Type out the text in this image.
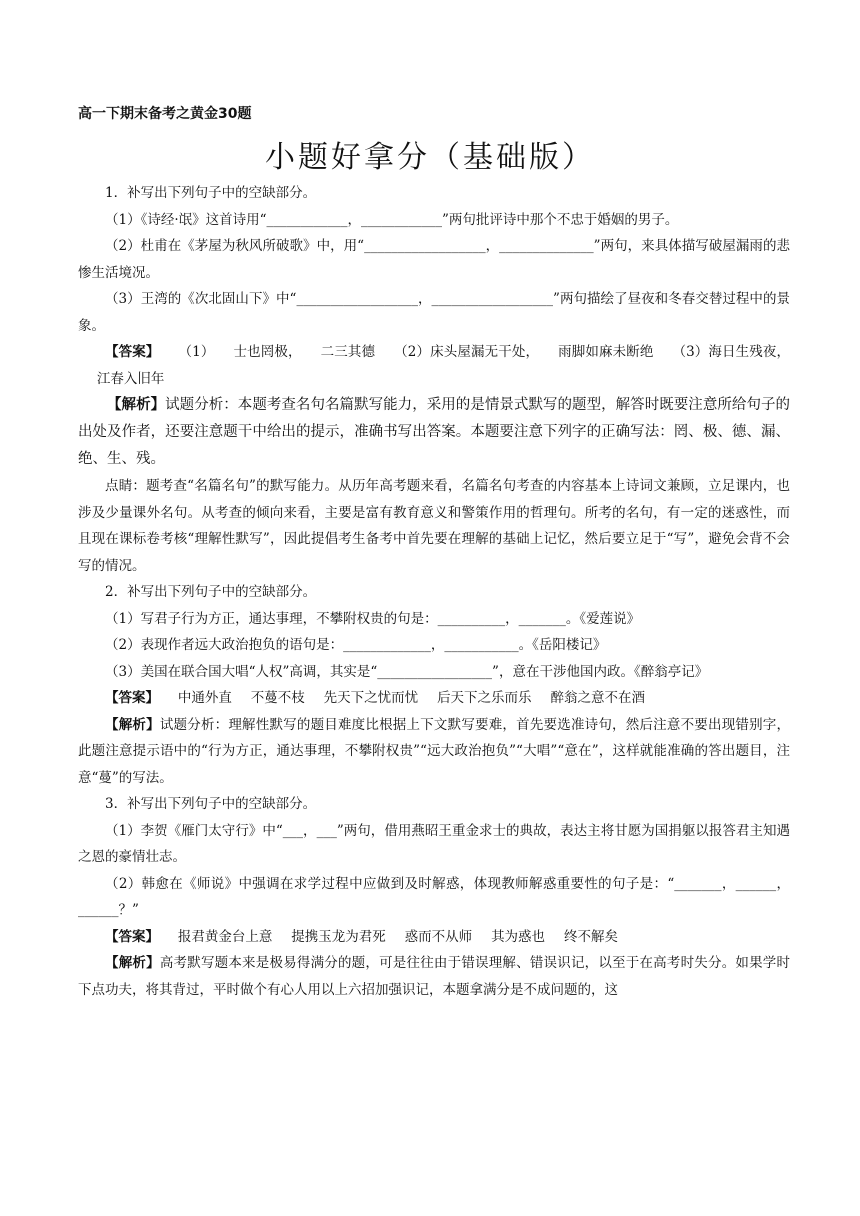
高一下期末备考之黄金30题
小题好拿分（基础版）

1．补写出下列句子中的空缺部分。

（1）《诗经·氓》这首诗用“____________，____________”两句批评诗中那个不忠于婚姻的男子。

（2）杜甫在《茅屋为秋风所破歌》中，用“__________________，______________”两句，来具体描写破屋漏雨的悲惨生活境况。

（3）王湾的《次北固山下》中“__________________，__________________”两句描绘了昼夜和冬春交替过程中的景象。

【答案】 （1） 士也罔极， 二三其德 （2）床头屋漏无干处， 雨脚如麻未断绝 （3）海日生残夜，江春入旧年

【解析】试题分析：本题考查名句名篇默写能力，采用的是情景式默写的题型，解答时既要注意所给句子的出处及作者，还要注意题干中给出的提示，准确书写出答案。本题要注意下列字的正确写法：罔、极、德、漏、绝、生、残。

点睛：题考查“名篇名句”的默写能力。从历年高考题来看，名篇名句考查的内容基本上诗词文兼顾，立足课内，也涉及少量课外名句。从考查的倾向来看，主要是富有教育意义和警策作用的哲理句。所考的名句，有一定的迷惑性，而且现在课标卷考核“理解性默写”，因此提倡考生备考中首先要在理解的基础上记忆，然后要立足于“写”，避免会背不会写的情况。

2．补写出下列句子中的空缺部分。

（1）写君子行为方正，通达事理，不攀附权贵的句是：__________，_______。《爱莲说》

（2）表现作者远大政治抱负的语句是：_____________，___________。《岳阳楼记》

（3）美国在联合国大唱“人权”高调，其实是“_________________”，意在干涉他国内政。《醉翁亭记》

【答案】 中通外直 不蔓不枝 先天下之忧而忧 后天下之乐而乐 醉翁之意不在酒

【解析】试题分析：理解性默写的题目难度比根据上下文默写要难，首先要选准诗句，然后注意不要出现错别字，此题注意提示语中的“行为方正，通达事理，不攀附权贵”“远大政治抱负”“大唱”“意在”，这样就能准确的答出题目，注意“蔓”的写法。

3．补写出下列句子中的空缺部分。

（1）李贺《雁门太守行》中“___，___”两句，借用燕昭王重金求士的典故，表达主将甘愿为国捐躯以报答君主知遇之恩的豪情壮志。

（2）韩愈在《师说》中强调在求学过程中应做到及时解惑，体现教师解惑重要性的句子是：“_______，______，______？”

【答案】 报君黄金台上意 提携玉龙为君死 惑而不从师 其为惑也 终不解矣

【解析】高考默写题本来是极易得满分的题，可是往往由于错误理解、错误识记，以至于在高考时失分。如果学时下点功夫，将其背过，平时做个有心人用以上六招加强识记，本题拿满分是不成问题的，这
